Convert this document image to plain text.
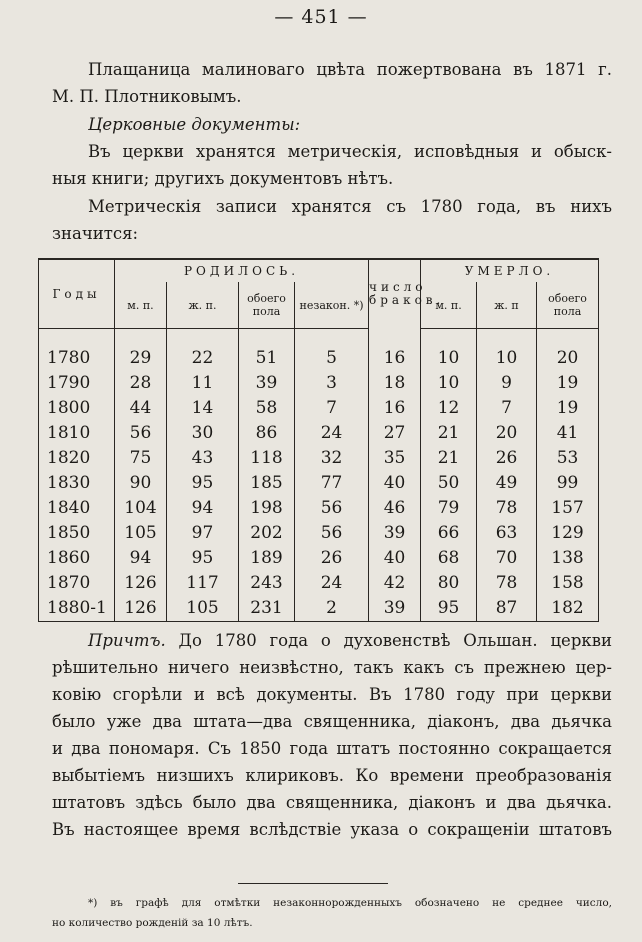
— 451 —
Плащаница малиноваго цвѣта пожертвована въ 1871 г.
М. П. Плотниковымъ.
Церковные документы:
Въ церкви хранятся метрическія, исповѣдныя и обыск-
ныя книги; другихъ документовъ нѣтъ.
Метрическія записи хранятся съ 1780 года, въ нихъ
значится:
Годы	РОДИЛОСЬ.				число браков.	УМЕРЛО.		
	м. п.	ж. п.	обоего пола	незакон. *)		м. п.	ж. п	обоего пола

1780	29	22	51	5	16	10	10	20
1790	28	11	39	3	18	10	9	19
1800	44	14	58	7	16	12	7	19
1810	56	30	86	24	27	21	20	41
1820	75	43	118	32	35	21	26	53
1830	90	95	185	77	40	50	49	99
1840	104	94	198	56	46	79	78	157
1850	105	97	202	56	39	66	63	129
1860	94	95	189	26	40	68	70	138
1870	126	117	243	24	42	80	78	158
1880-1	126	105	231	2	39	95	87	182
Причтъ. До 1780 года о духовенствѣ Ольшан. церкви
рѣшительно ничего неизвѣстно, такъ какъ съ прежнею цер-
ковію сгорѣли и всѣ документы. Въ 1780 году при церкви
было уже два штата—два священника, діаконъ, два дьячка
и два пономаря. Съ 1850 года штатъ постоянно сокращается
выбытіемъ низшихъ клириковъ. Ко времени преобразованія
штатовъ здѣсь было два священника, діаконъ и два дьячка.
Въ настоящее время вслѣдствіе указа о сокращеніи штатовъ
*) въ графѣ для отмѣтки незаконнорожденныхъ обозначено не среднее число,
но количество рожденій за 10 лѣтъ.
